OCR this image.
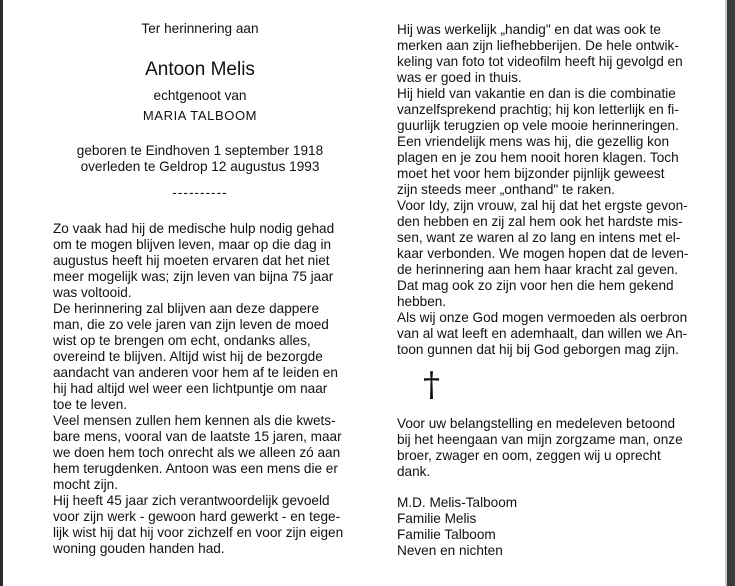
Ter herinnering aan
Antoon Melis
echtgenoot van
MARIA TALBOOM
geboren te Eindhoven 1 september 1918
overleden te Geldrop 12 augustus 1993
----------
Zo vaak had hij de medische hulp nodig gehad
om te mogen blijven leven, maar op die dag in
augustus heeft hij moeten ervaren dat het niet
meer mogelijk was; zijn leven van bijna 75 jaar
was voltooid.
De herinnering zal blijven aan deze dappere
man, die zo vele jaren van zijn leven de moed
wist op te brengen om echt, ondanks alles,
overeind te blijven. Altijd wist hij de bezorgde
aandacht van anderen voor hem af te leiden en
hij had altijd wel weer een lichtpuntje om naar
toe te leven.
Veel mensen zullen hem kennen als die kwets-
bare mens, vooral van de laatste 15 jaren, maar
we doen hem toch onrecht als we alleen zó aan
hem terugdenken. Antoon was een mens die er
mocht zijn.
Hij heeft 45 jaar zich verantwoordelijk gevoeld
voor zijn werk - gewoon hard gewerkt - en tege-
lijk wist hij dat hij voor zichzelf en voor zijn eigen
woning gouden handen had.
Hij was werkelijk „handig" en dat was ook te
merken aan zijn liefhebberijen. De hele ontwik-
keling van foto tot videofilm heeft hij gevolgd en
was er goed in thuis.
Hij hield van vakantie en dan is die combinatie
vanzelfsprekend prachtig; hij kon letterlijk en fi-
guurlijk terugzien op vele mooie herinneringen.
Een vriendelijk mens was hij, die gezellig kon
plagen en je zou hem nooit horen klagen. Toch
moet het voor hem bijzonder pijnlijk geweest
zijn steeds meer „onthand" te raken.
Voor Idy, zijn vrouw, zal hij dat het ergste gevon-
den hebben en zij zal hem ook het hardste mis-
sen, want ze waren al zo lang en intens met el-
kaar verbonden. We mogen hopen dat de leven-
de herinnering aan hem haar kracht zal geven.
Dat mag ook zo zijn voor hen die hem gekend
hebben.
Als wij onze God mogen vermoeden als oerbron
van al wat leeft en ademhaalt, dan willen we An-
toon gunnen dat hij bij God geborgen mag zijn.
†
Voor uw belangstelling en medeleven betoond
bij het heengaan van mijn zorgzame man, onze
broer, zwager en oom, zeggen wij u oprecht
dank.
M.D. Melis-Talboom
Familie Melis
Familie Talboom
Neven en nichten
